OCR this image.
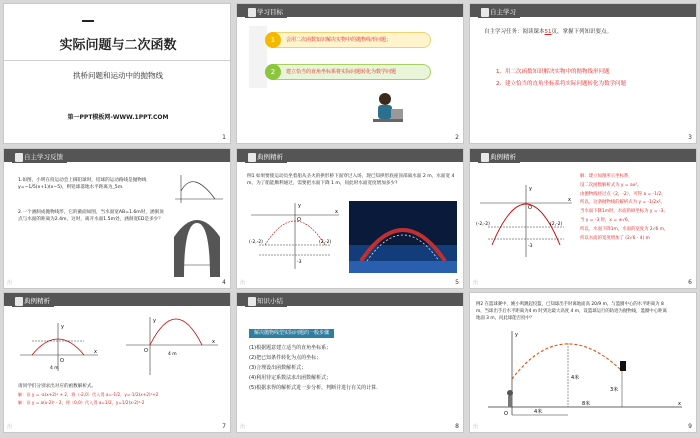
实际问题与二次函数
拱桥问题和运动中的抛物线
第一PPT模板网-WWW.1PPT.COM
1
学习目标
1	会用二次函数知识解决实物中的抛物线形问题；
2	建立恰当的直角坐标系将实际问题转化为数学问题
2
自主学习
自主学习任务：阅读课本51页，掌握下列知识要点。
1．用二次函数知识解决实物中的抛物线形问题
2．建立恰当的直角坐标系将实际问题转化为数学问题
3
自主学习反馈
1.如图，小明在投运动会上掷铅球时，铅球的运动路线是抛物线 y=−1/5(x+1)(x−5)，则铅球落地水平距离为_5m.
2.一个涵洞成抛物线形，它的截面如图，当水面宽AB=1.6m时，涵洞顶点与水面的距离为2.4m，这时，离开水面1.5m处，涵洞宽ED是多少？
治	4
典例精析
例1 如果要使运动员坐着船从圣火的拱形桥下面穿过入场，现已知拱形底座顶部离水面 2 m，水面宽 4 m，为了船能顺利通过，需要把水面下降 1 m，问此时水面宽度增加多少?
x
y
O
(-2,-2)	(2,-2)
-3
治	5
典例精析
x
y
O
(-2,-2)	(2,-2)
-3
解：建立如图所示坐标系，
设二次函数解析式为 y = ax²。
由抛物线经过点（2，-2），可得 a = -1/2，
所以，这条抛物线的解析式为 y = -1/2x²。
当水面下降1m时，水面的纵坐标为 y = -3，
当 y = -3 时，x = ±√6，
所以，水面下降1m，水面的宽度为 2√6 m，
所以水面的宽度增加了 (2√6 - 4) m
治	6
典例精析
x
y
O
4 m
x
y
O
4 m
请同学们分别求出对应的函数解析式。
解：设 y = -a(x+2)² + 2，将（-2,0）代入得 a=-1/2，y=-1/2(x+2)²+2
解：设 y = a(x-2)² - 2，将（0,0）代入得 a=1/2，y=1/2(x-2)²-2
治	7
知识小结
解决抛物线型实际问题的一般步骤
(1)根据题意建立适当的直角坐标系；
(2)把已知条件转化为点的坐标；
(3)合理设出函数解析式；
(4)利用待定系数法求出函数解析式；
(5)根据求得的解析式进一步分析、判断并进行有关的计算.
治	8
例2 在篮球赛中，姚小鸣跳起投篮，已知球出手时离地面高 20/9 m，与篮圈中心的水平距离为 8 m，当球出手后水平距离为4 m 时到达最大高度 4 m，设篮球运行的轨迹为抛物线，篮圈中心距离地面 3 m，问此球能否投中？
y
x
O
4米
3米
8米
4米
治	9
